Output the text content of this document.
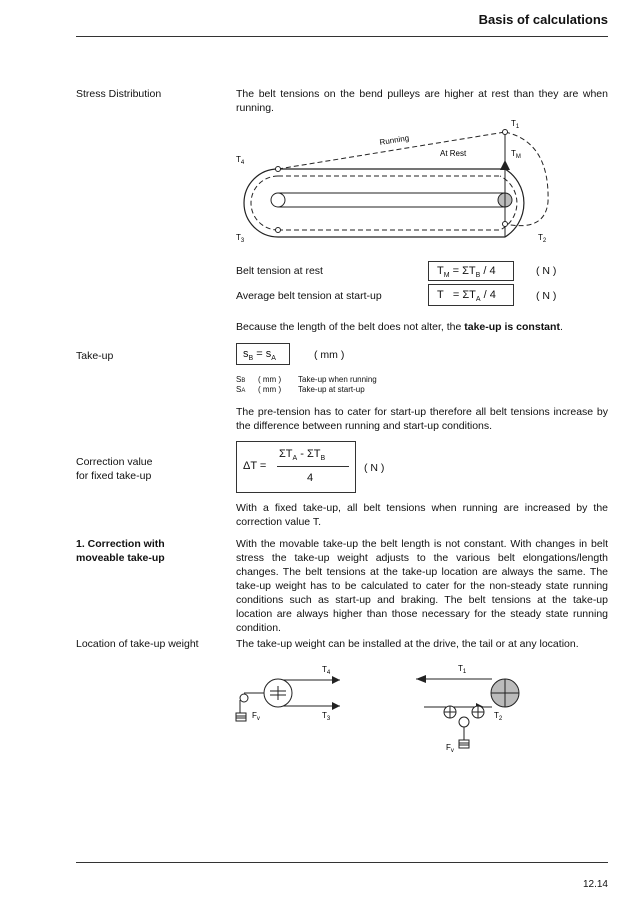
Basis of calculations
Stress Distribution	The belt tensions on the bend pulleys are higher at rest than they are when running.
Running
At Rest
$T_1$
$T_M$
$T_4$
$T_3$	$T_2$
Belt tension at rest	$T_M = \Sigma T_B / 4$	( N )
Average belt tension at start-up	$T = \Sigma T_A / 4$	( N )
Because the length of the belt does not alter, the take-up is constant.
Take-up	$s_B = s_A$	( mm )
SB ( mm ) Take-up when running
SA ( mm ) Take-up at start-up
The pre-tension has to cater for start-up therefore all belt tensions increase by the difference between running and start-up conditions.
Correction value
for fixed take-up
ΔT =
$\Sigma T_A - \Sigma T_B$
4
( N )
With a fixed take-up, all belt tensions when running are increased by the correction value T.
1. Correction with
moveable take-up
With the movable take-up the belt length is not constant. With changes in belt stress the take-up weight adjusts to the various belt elongations/length changes. The belt tensions at the take-up location are always the same. The take-up weight has to be calculated to cater for the non-steady state running conditions such as start-up and braking. The belt tensions at the take-up location are always higher than those necessary for the steady state running condition.
Location of take-up weight	The take-up weight can be installed at the drive, the tail or at any location.
$T_4$
$T_3$
$F_v$
$T_1$
$T_2$
$F_v$
12.14
